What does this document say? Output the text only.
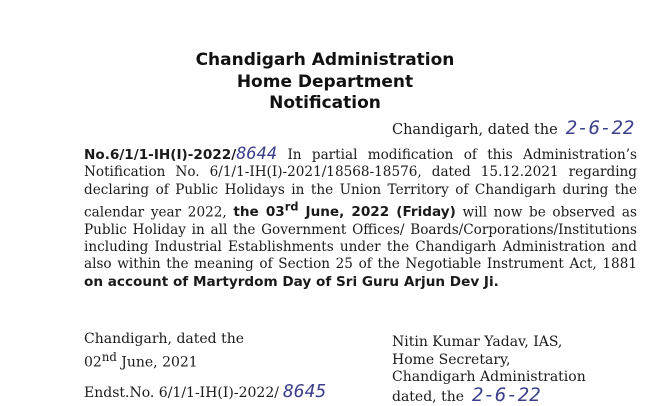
Chandigarh Administration
Home Department
Notification
Chandigarh, dated the 2-6-22
No.6/1/1-IH(I)-2022/8644 In partial modification of this Administration’s Notification No. 6/1/1-IH(I)-2021/18568-18576, dated 15.12.2021 regarding declaring of Public Holidays in the Union Territory of Chandigarh during the calendar year 2022, the 03rd June, 2022 (Friday) will now be observed as Public Holiday in all the Government Offices/ Boards/Corporations/Institutions including Industrial Establishments under the Chandigarh Administration and also within the meaning of Section 25 of the Negotiable Instrument Act, 1881 on account of Martyrdom Day of Sri Guru Arjun Dev Ji.
Chandigarh, dated the
02nd June, 2021
Endst.No. 6/1/1-IH(I)-2022/ 8645
Nitin Kumar Yadav, IAS,
Home Secretary,
Chandigarh Administration
dated, the 2-6-22
